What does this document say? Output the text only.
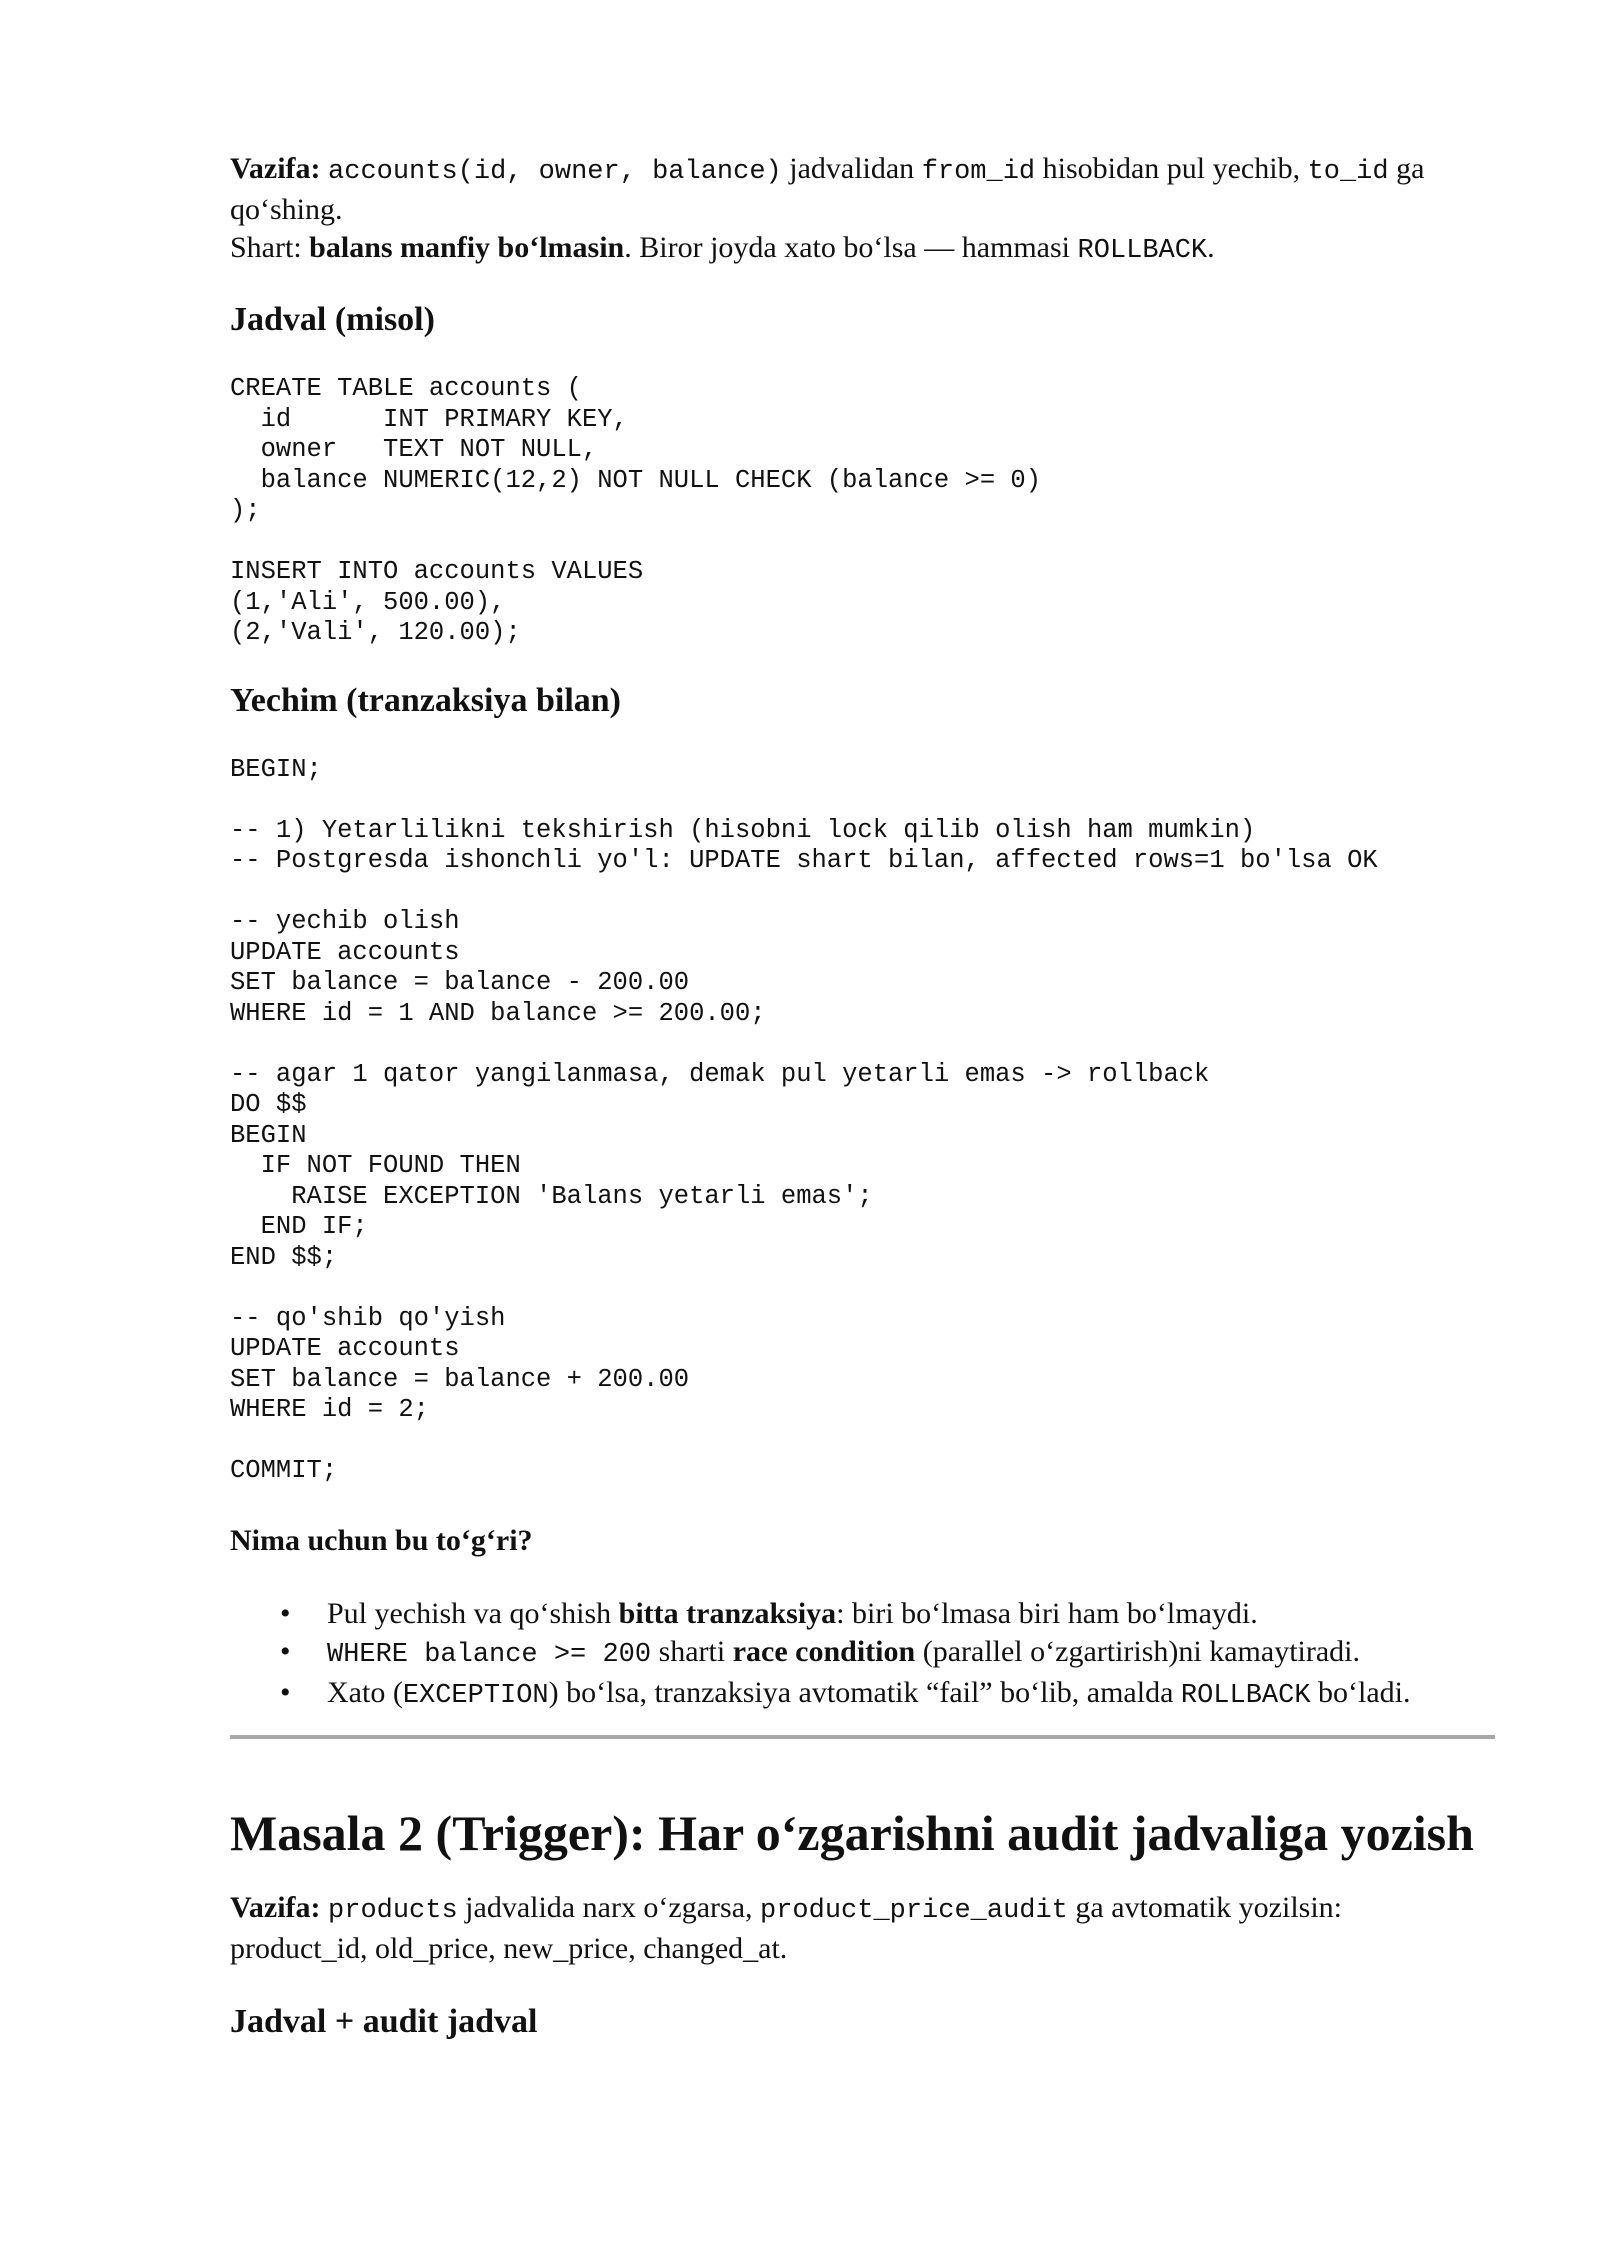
Vazifa: accounts(id, owner, balance) jadvalidan from_id hisobidan pul yechib, to_id ga qo‘shing.

Shart: balans manfiy bo‘lmasin. Biror joyda xato bo‘lsa — hammasi ROLLBACK.

Jadval (misol)
CREATE TABLE accounts (
id      INT PRIMARY KEY,
owner   TEXT NOT NULL,
balance NUMERIC(12,2) NOT NULL CHECK (balance >= 0)
);

INSERT INTO accounts VALUES
(1,'Ali', 500.00),
(2,'Vali', 120.00);
Yechim (tranzaksiya bilan)
BEGIN;

-- 1) Yetarlilikni tekshirish (hisobni lock qilib olish ham mumkin)
-- Postgresda ishonchli yo'l: UPDATE shart bilan, affected rows=1 bo'lsa OK

-- yechib olish
UPDATE accounts
SET balance = balance - 200.00
WHERE id = 1 AND balance >= 200.00;

-- agar 1 qator yangilanmasa, demak pul yetarli emas -> rollback
DO $$
BEGIN
IF NOT FOUND THEN
RAISE EXCEPTION 'Balans yetarli emas';
END IF;
END $$;

-- qo'shib qo'yish
UPDATE accounts
SET balance = balance + 200.00
WHERE id = 2;

COMMIT;
Nima uchun bu to‘g‘ri?
• Pul yechish va qo‘shish bitta tranzaksiya: biri bo‘lmasa biri ham bo‘lmaydi.
• WHERE balance >= 200 sharti race condition (parallel o‘zgartirish)ni kamaytiradi.
• Xato (EXCEPTION) bo‘lsa, tranzaksiya avtomatik “fail” bo‘lib, amalda ROLLBACK bo‘ladi.
Masala 2 (Trigger): Har o‘zgarishni audit jadvaliga yozish

Vazifa: products jadvalida narx o‘zgarsa, product_price_audit ga avtomatik yozilsin:
product_id, old_price, new_price, changed_at.

Jadval + audit jadval
